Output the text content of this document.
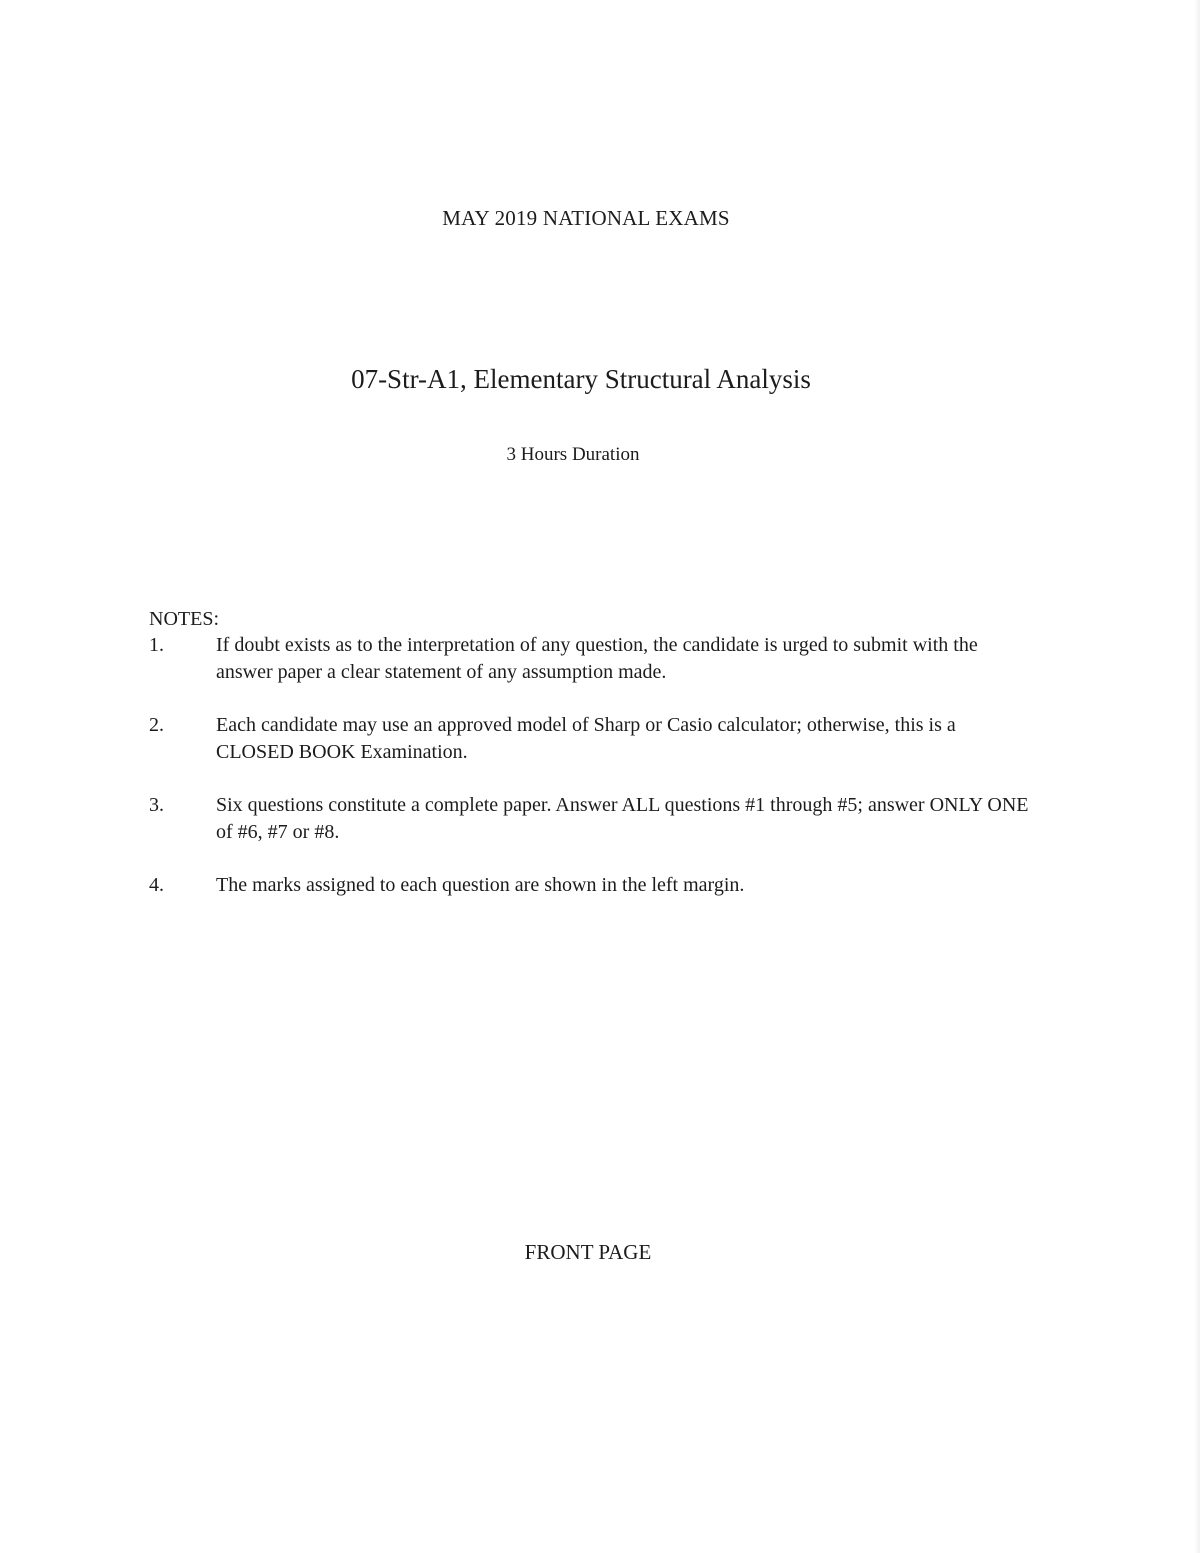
MAY 2019 NATIONAL EXAMS
07-Str-A1, Elementary Structural Analysis
3 Hours Duration
NOTES:
1.	If doubt exists as to the interpretation of any question, the candidate is urged to submit with the answer paper a clear statement of any assumption made.
2.	Each candidate may use an approved model of Sharp or Casio calculator; otherwise, this is a CLOSED BOOK Examination.
3.	Six questions constitute a complete paper. Answer ALL questions #1 through #5; answer ONLY ONE of #6, #7 or #8.
4.	The marks assigned to each question are shown in the left margin.
FRONT PAGE
